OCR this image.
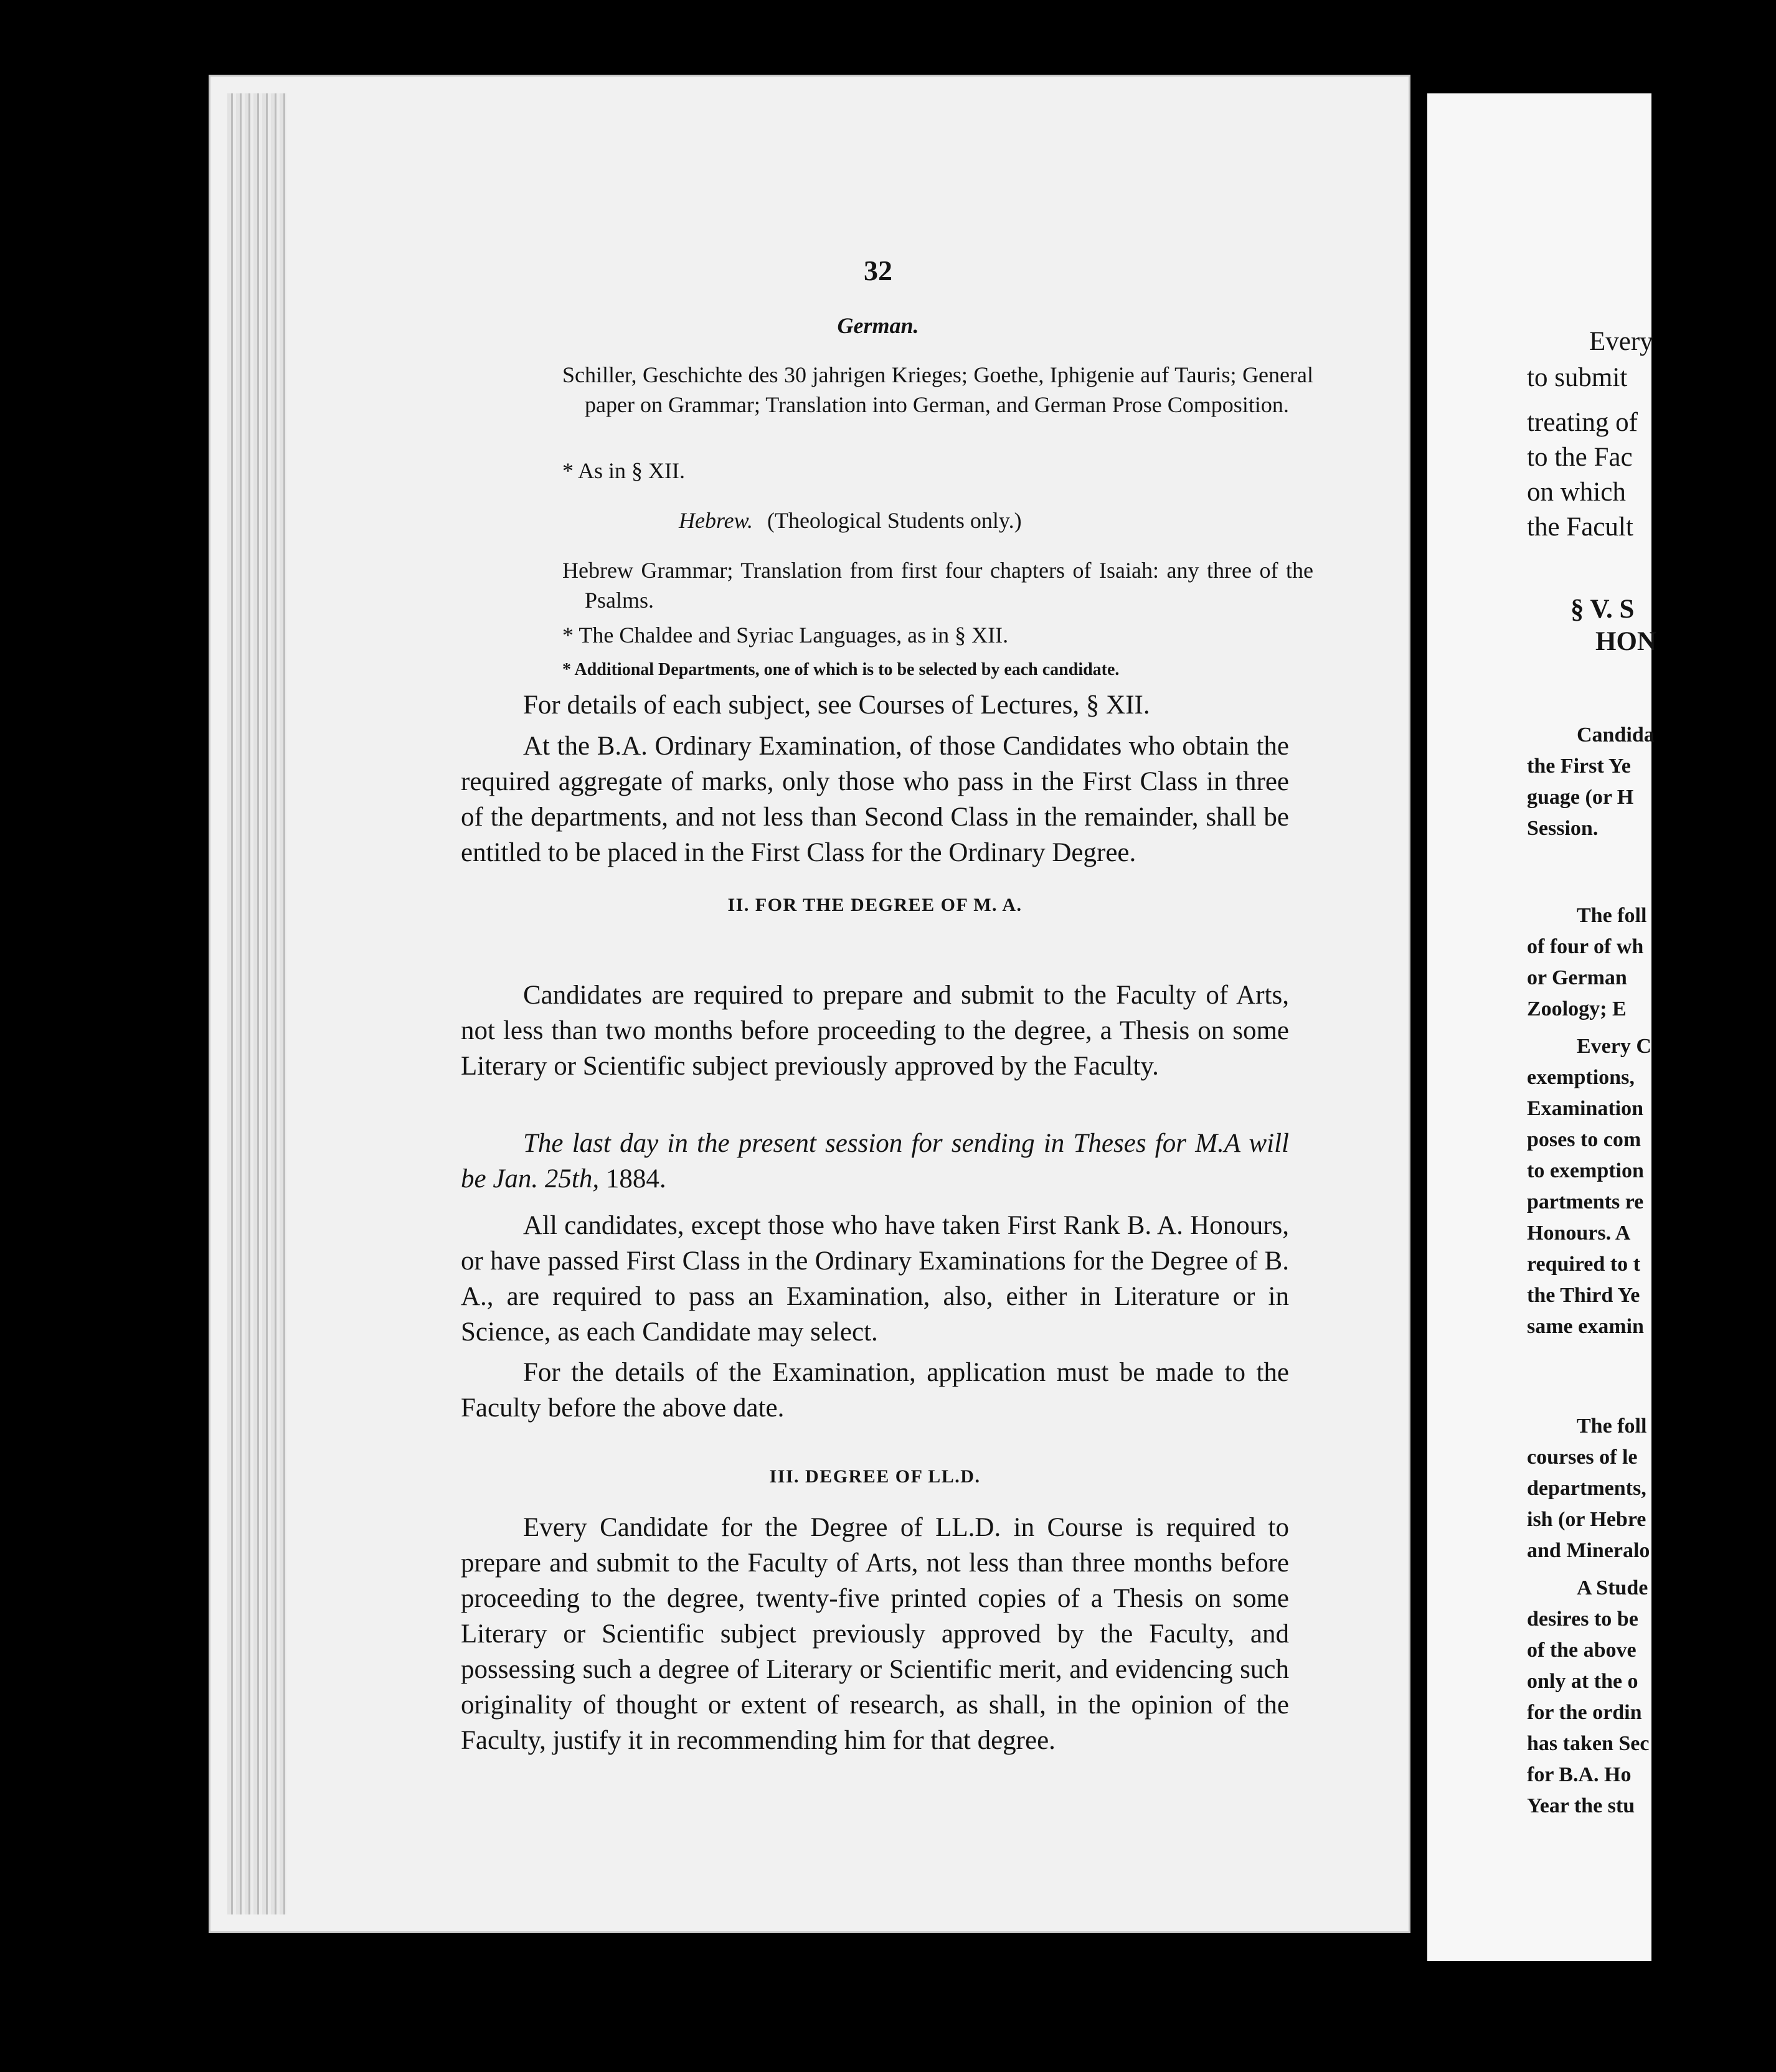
32

German.

Schiller, Geschichte des 30 jahrigen Krieges; Goethe, Iphigenie auf Tauris; General paper on Grammar; Translation into German, and German Prose Composition.

* As in § XII.

Hebrew. (Theological Students only.)

Hebrew Grammar; Translation from first four chapters of Isaiah: any three of the Psalms.

* The Chaldee and Syriac Languages, as in § XII.

* Additional Departments, one of which is to be selected by each candidate.

For details of each subject, see Courses of Lectures, § XII.

At the B.A. Ordinary Examination, of those Candidates who obtain the required aggregate of marks, only those who pass in the First Class in three of the departments, and not less than Second Class in the remainder, shall be entitled to be placed in the First Class for the Ordinary Degree.

II. FOR THE DEGREE OF M. A.

Candidates are required to prepare and submit to the Faculty of Arts, not less than two months before proceeding to the degree, a Thesis on some Literary or Scientific subject previously approved by the Faculty.

The last day in the present session for sending in Theses for M.A will be Jan. 25th, 1884.

All candidates, except those who have taken First Rank B. A. Honours, or have passed First Class in the Ordinary Examinations for the Degree of B. A., are required to pass an Examination, also, either in Literature or in Science, as each Candidate may select.

For the details of the Examination, application must be made to the Faculty before the above date.

III. DEGREE OF LL.D.

Every Candidate for the Degree of LL.D. in Course is required to prepare and submit to the Faculty of Arts, not less than three months before proceeding to the degree, twenty-five printed copies of a Thesis on some Literary or Scientific subject previously approved by the Faculty, and possessing such a degree of Literary or Scientific merit, and evidencing such originality of thought or extent of research, as shall, in the opinion of the Faculty, justify it in recommending him for that degree.

Every

to submit

treating of

to the Fac

on which

the Facult

§ V. S

HON

Candida

the First Ye

guage (or H

Session.

The foll

of four of wh

or German

Zoology; E

Every C

exemptions,

Examination

poses to com

to exemption

partments re

Honours. A

required to t

the Third Ye

same examin

The foll

courses of le

departments,

ish (or Hebre

and Mineralo

A Stude

desires to be

of the above

only at the o

for the ordin

has taken Sec

for B.A. Ho

Year the stu
